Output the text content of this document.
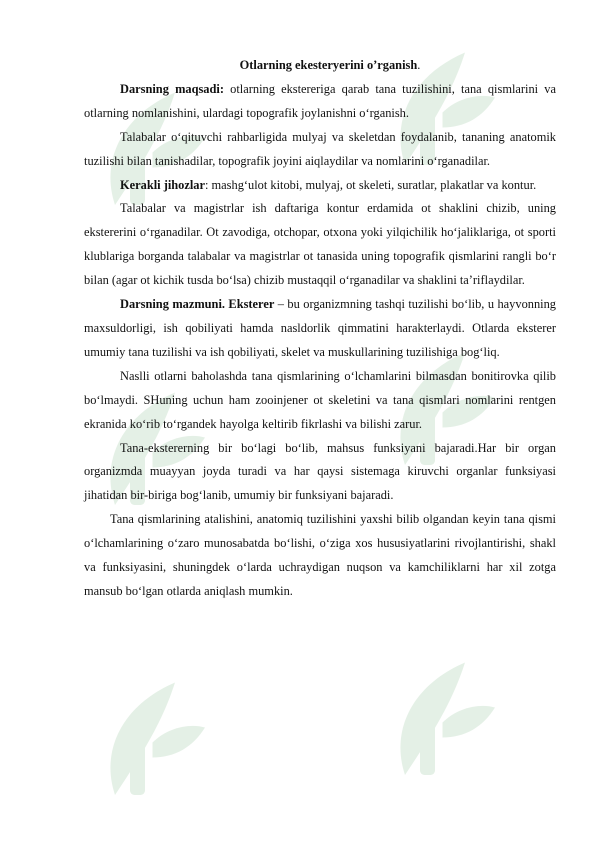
Otlarning ekesteryerini o’rganish.

Darsning maqsadi: otlarning ekstereriga qarab tana tuzilishini, tana qismlarini va otlarning nomlanishini, ulardagi topografik joylanishni o‘rganish.

Talabalar o‘qituvchi rahbarligida mulyaj va skeletdan foydalanib, tananing anatomik tuzilishi bilan tanishadilar, topografik joyini aiqlaydilar va nomlarini o‘rganadilar.

Kerakli jihozlar: mashg‘ulot kitobi, mulyaj, ot skeleti, suratlar, plakatlar va kontur.

Talabalar va magistrlar ish daftariga kontur erdamida ot shaklini chizib, uning ekstererini o‘rganadilar. Ot zavodiga, otchopar, otxona yoki yilqichilik ho‘jaliklariga, ot sporti klublariga borganda talabalar va magistrlar ot tanasida uning topografik qismlarini rangli bo‘r bilan (agar ot kichik tusda bo‘lsa) chizib mustaqqil o‘rganadilar va shaklini ta’riflaydilar.

Darsning mazmuni. Eksterer – bu organizmning tashqi tuzilishi bo‘lib, u hayvonning maxsuldorligi, ish qobiliyati hamda nasldorlik qimmatini harakterlaydi. Otlarda eksterer umumiy tana tuzilishi va ish qobiliyati, skelet va muskullarining tuzilishiga bog‘liq.

Naslli otlarni baholashda tana qismlarining o‘lchamlarini bilmasdan bonitirovka qilib bo‘lmaydi. SHuning uchun ham zooinjener ot skeletini va tana qismlari nomlarini rentgen ekranida ko‘rib to‘rgandek hayolga keltirib fikrlashi va bilishi zarur.

Tana-ekstererning bir bo‘lagi bo‘lib, mahsus funksiyani bajaradi.Har bir organ organizmda muayyan joyda turadi va har qaysi sistemaga kiruvchi organlar funksiyasi jihatidan bir-biriga bog‘lanib, umumiy bir funksiyani bajaradi.

Tana qismlarining atalishini, anatomiq tuzilishini yaxshi bilib olgandan keyin tana qismi o‘lchamlarining o‘zaro munosabatda bo‘lishi, o‘ziga xos hususiyatlarini rivojlantirishi, shakl va funksiyasini, shuningdek o‘larda uchraydigan nuqson va kamchiliklarni har xil zotga mansub bo‘lgan otlarda aniqlash mumkin.
